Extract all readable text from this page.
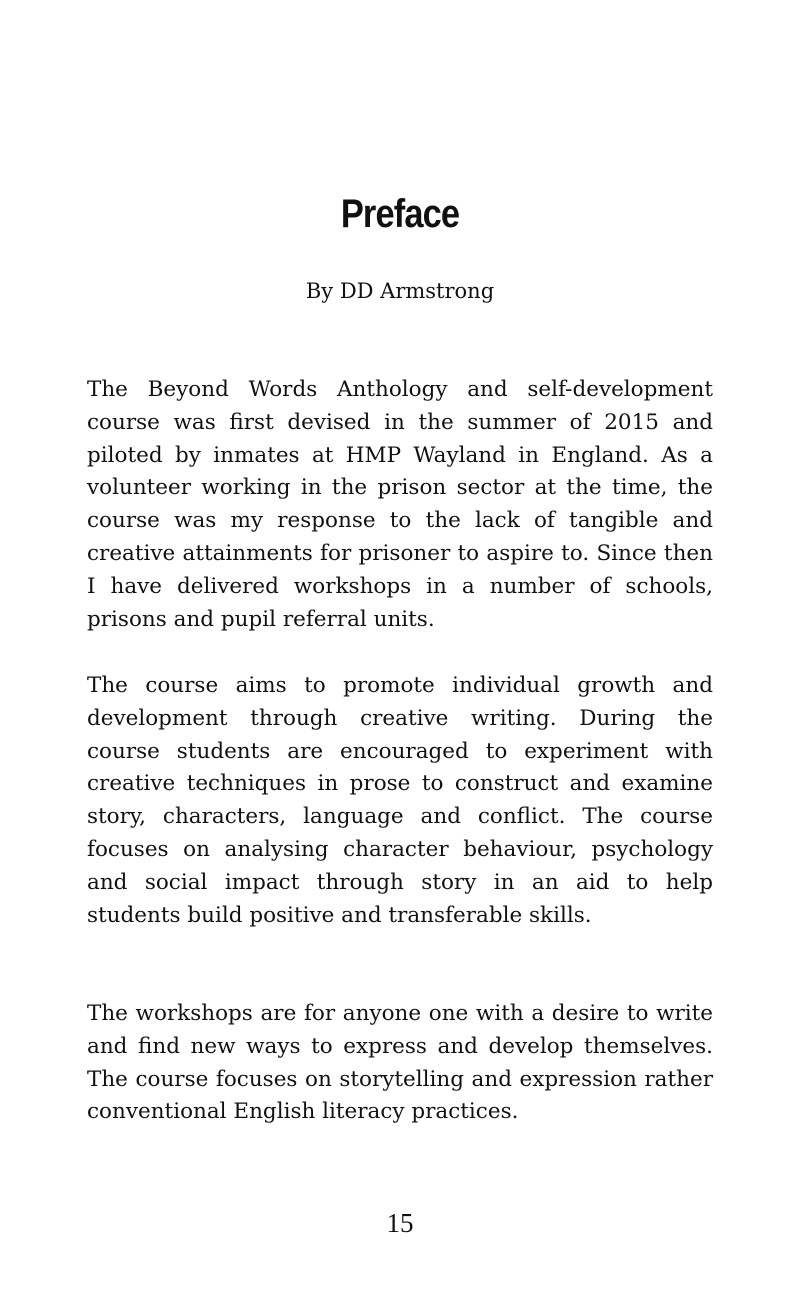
Preface
By DD Armstrong

The Beyond Words Anthology and self-development course was first devised in the summer of 2015 and piloted by inmates at HMP Wayland in England. As a volunteer working in the prison sector at the time, the course was my response to the lack of tangible and creative attainments for prisoner to aspire to. Since then I have delivered workshops in a number of schools, prisons and pupil referral units.

The course aims to promote individual growth and development through creative writing. During the course students are encouraged to experiment with creative techniques in prose to construct and examine story, characters, language and conflict. The course focuses on analysing character behaviour, psychology and social impact through story in an aid to help students build positive and transferable skills.

The workshops are for anyone one with a desire to write and find new ways to express and develop themselves. The course focuses on storytelling and expression rather conventional English literacy practices.

15
